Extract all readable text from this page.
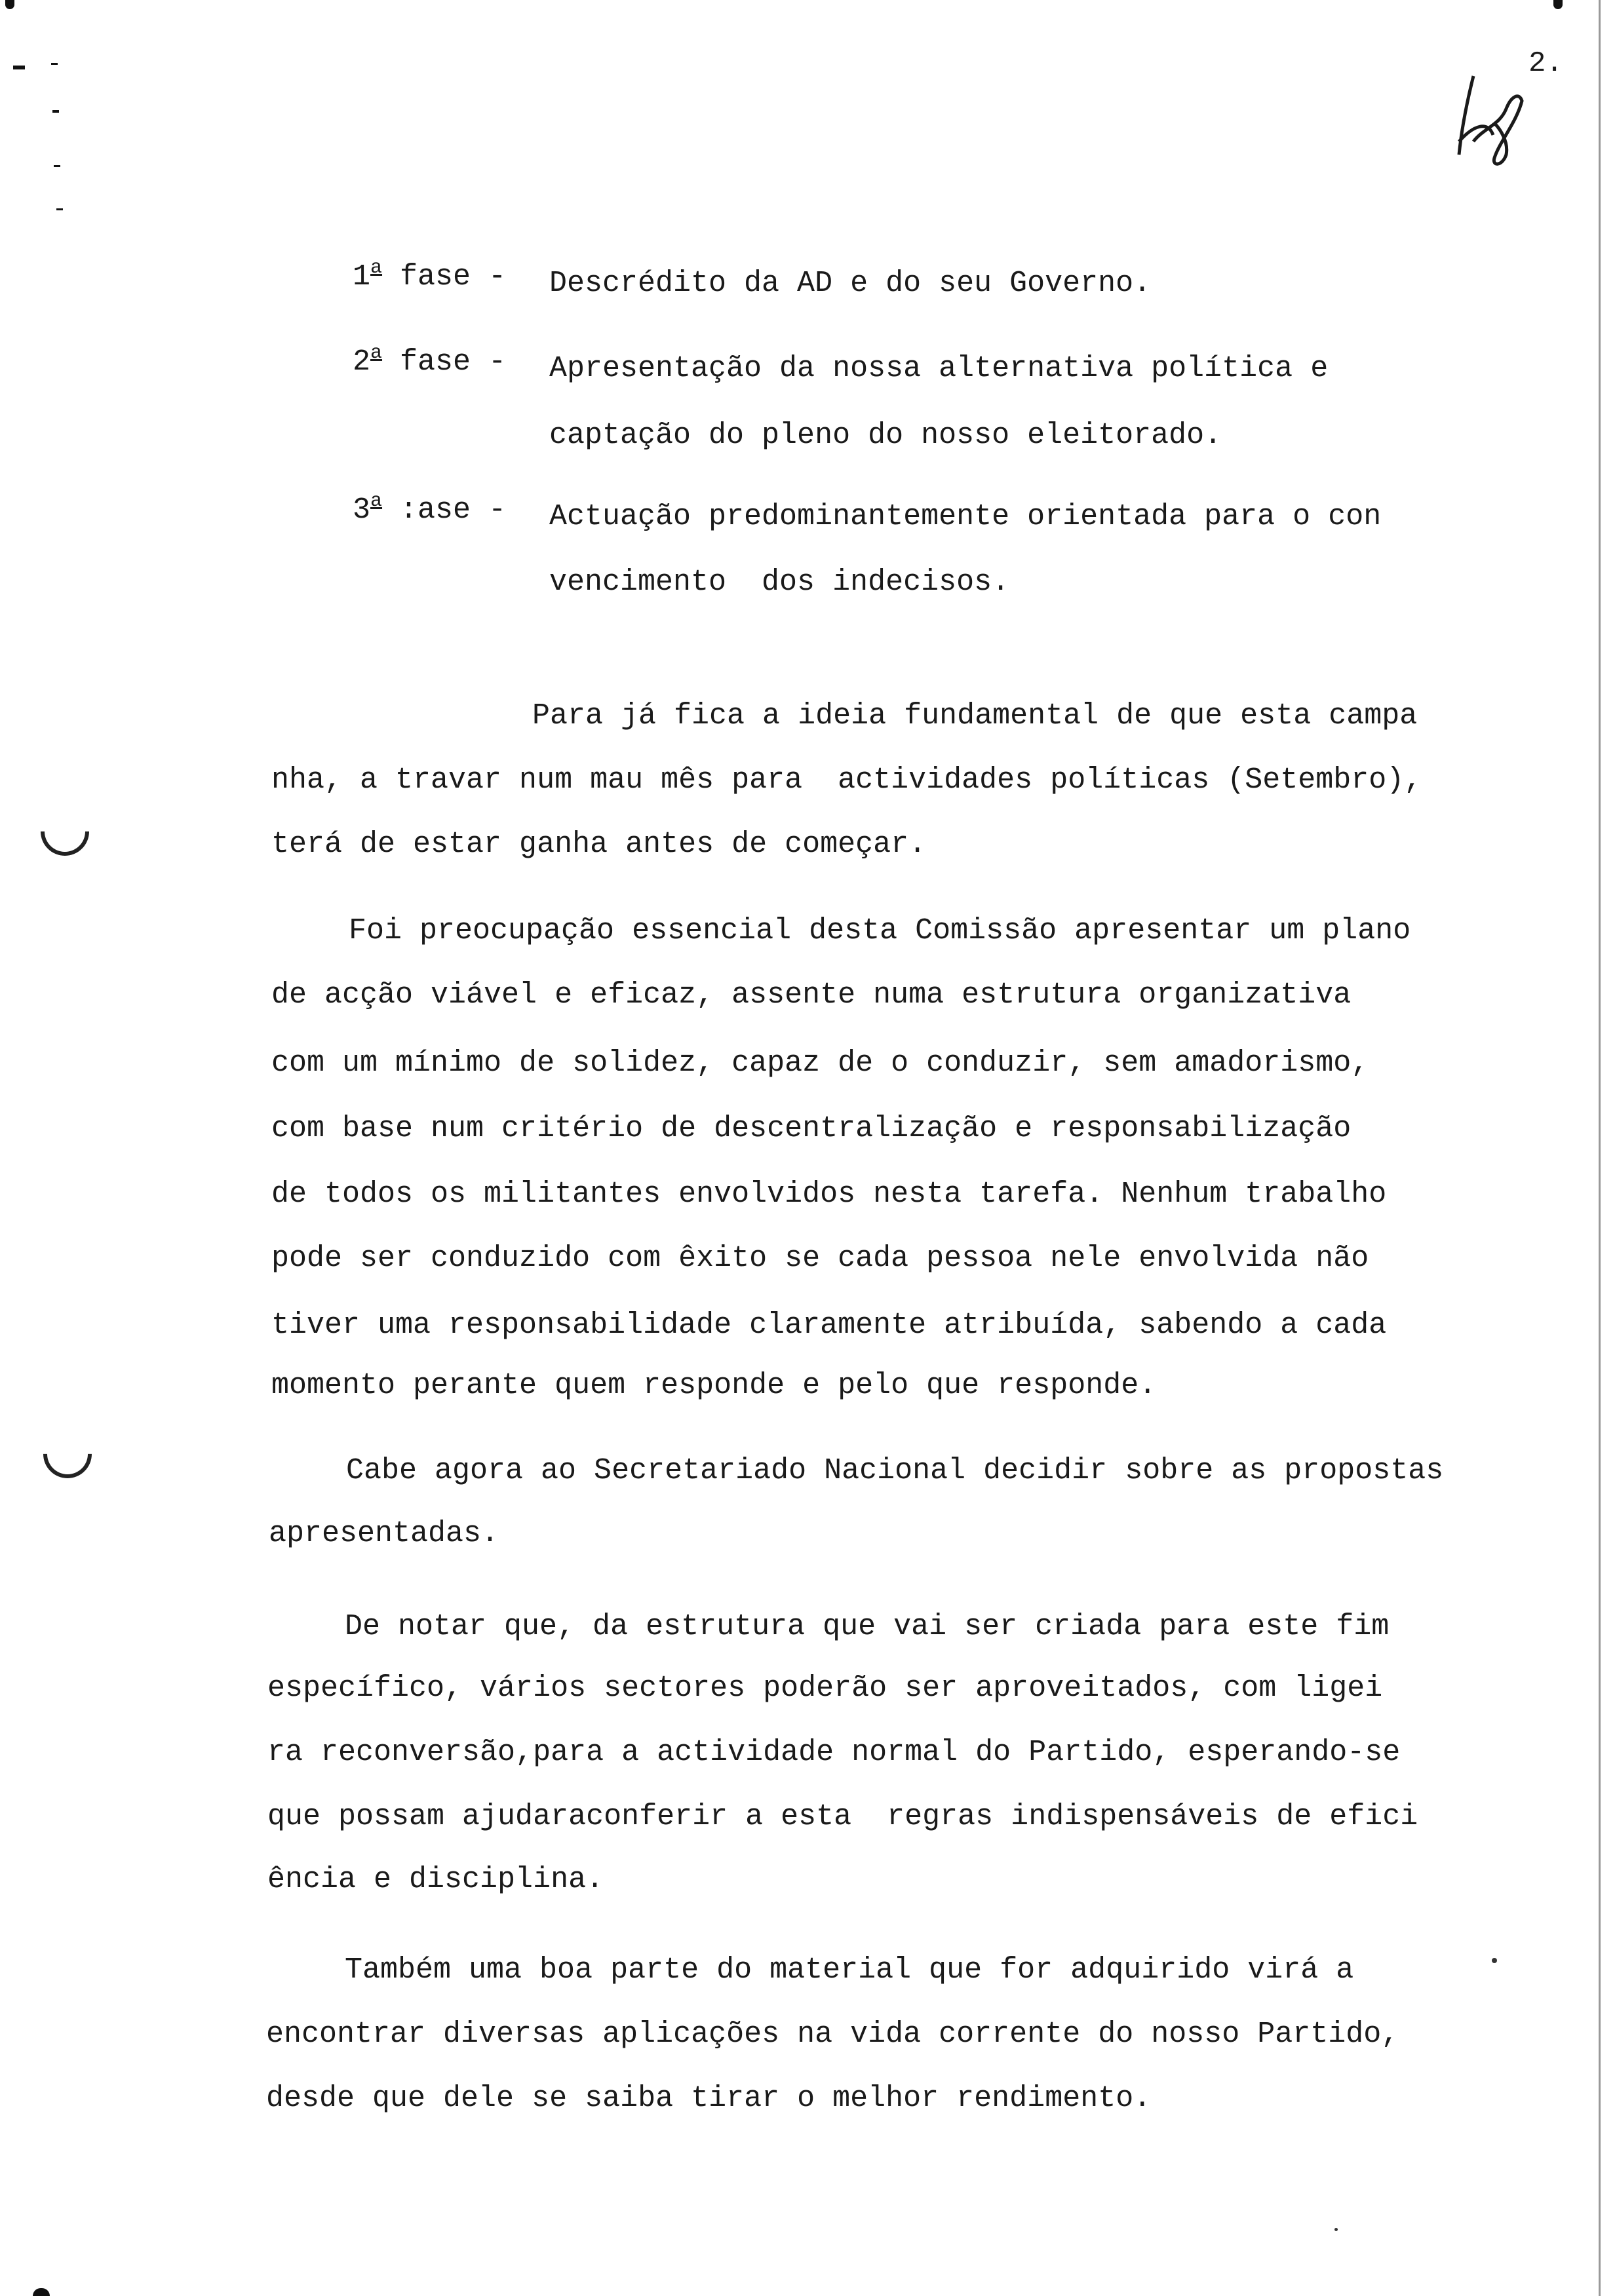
2.
1$^a$ fase - Descrédito da AD e do seu Governo.
2$^a$ fase - Apresentação da nossa alternativa política e
captação do pleno do nosso eleitorado.
3$^a$ :ase - Actuação predominantemente orientada para o con
vencimento  dos indecisos.
Para já fica a ideia fundamental de que esta campa
nha, a travar num mau mês para  actividades políticas (Setembro),
terá de estar ganha antes de começar.
Foi preocupação essencial desta Comissão apresentar um plano
de acção viável e eficaz, assente numa estrutura organizativa
com um mínimo de solidez, capaz de o conduzir, sem amadorismo,
com base num critério de descentralização e responsabilização
de todos os militantes envolvidos nesta tarefa. Nenhum trabalho
pode ser conduzido com êxito se cada pessoa nele envolvida não
tiver uma responsabilidade claramente atribuída, sabendo a cada
momento perante quem responde e pelo que responde.
Cabe agora ao Secretariado Nacional decidir sobre as propostas
apresentadas.
De notar que, da estrutura que vai ser criada para este fim
específico, vários sectores poderão ser aproveitados, com ligei
ra reconversão,para a actividade normal do Partido, esperando-se
que possam ajudaraconferir a esta  regras indispensáveis de efici
ência e disciplina.
Também uma boa parte do material que for adquirido virá a
encontrar diversas aplicações na vida corrente do nosso Partido,
desde que dele se saiba tirar o melhor rendimento.
